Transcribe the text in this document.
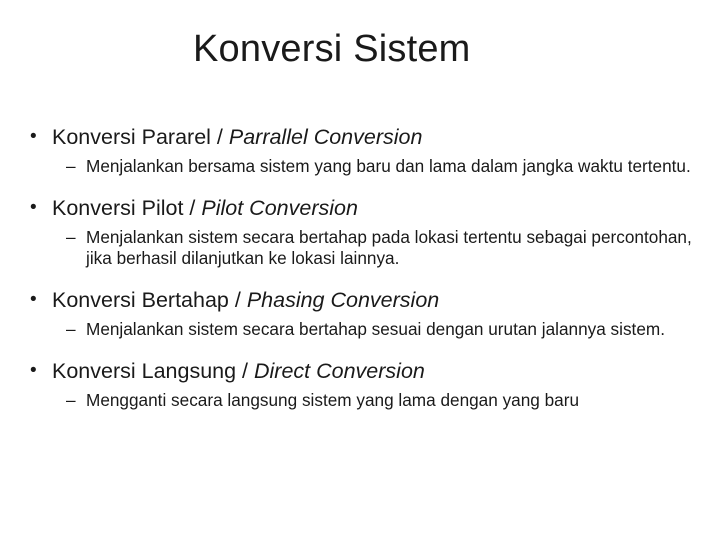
Konversi Sistem
• Konversi Pararel / Parrallel Conversion
– Menjalankan bersama sistem yang baru dan lama dalam jangka waktu tertentu.
• Konversi Pilot / Pilot Conversion
– Menjalankan sistem secara bertahap pada lokasi tertentu sebagai percontohan, jika berhasil dilanjutkan ke lokasi lainnya.
• Konversi Bertahap / Phasing Conversion
– Menjalankan sistem secara bertahap sesuai dengan urutan jalannya sistem.
• Konversi Langsung / Direct Conversion
– Mengganti secara langsung sistem yang lama dengan yang baru
